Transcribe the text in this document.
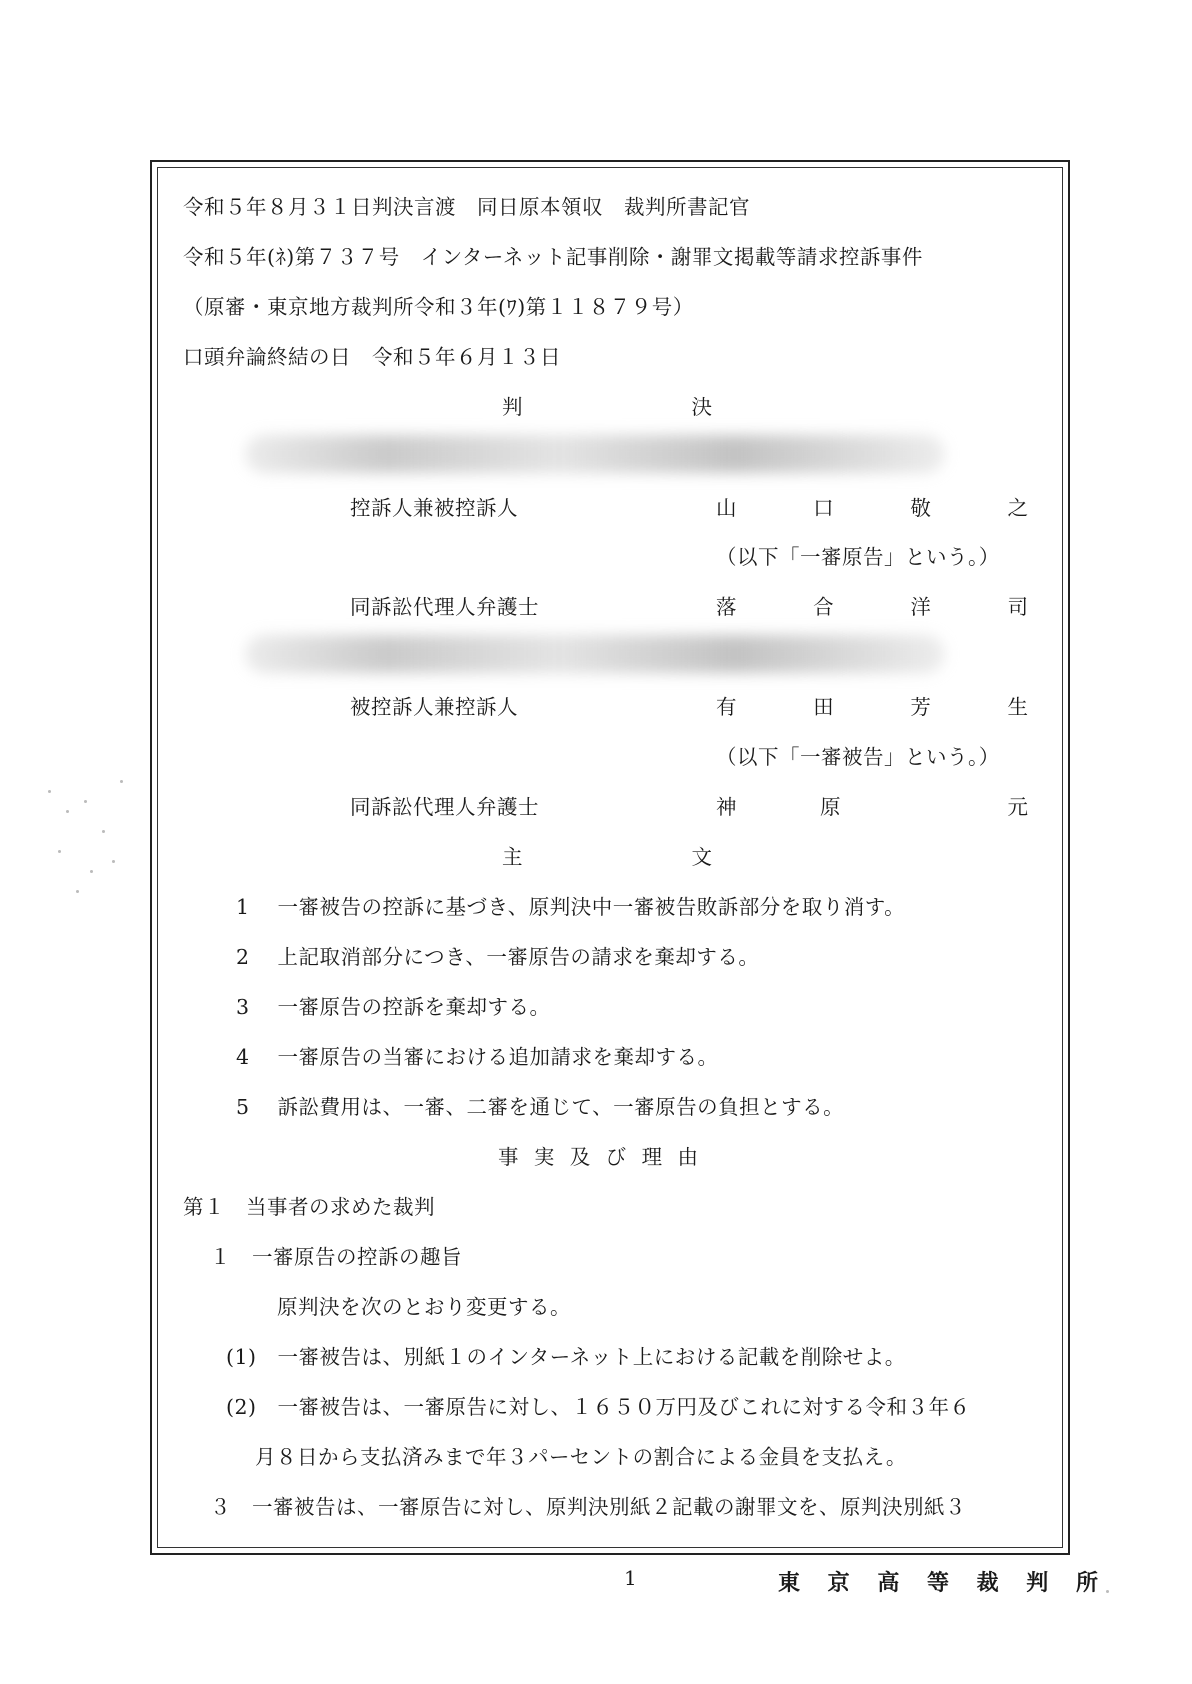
令和５年８月３１日判決言渡　同日原本領収　裁判所書記官
令和５年(ﾈ)第７３７号　インターネット記事削除・謝罪文掲載等請求控訴事件
（原審・東京地方裁判所令和３年(ﾜ)第１１８７９号）
口頭弁論終結の日　令和５年６月１３日
判	決
控訴人兼被控訴人	山	口	敬	之
（以下「一審原告」という。）
同訴訟代理人弁護士	落	合	洋	司
被控訴人兼控訴人	有	田	芳	生
（以下「一審被告」という。）
同訴訟代理人弁護士	神	原	元
主	文
1 一審被告の控訴に基づき、原判決中一審被告敗訴部分を取り消す。
2 上記取消部分につき、一審原告の請求を棄却する。
3 一審原告の控訴を棄却する。
4 一審原告の当審における追加請求を棄却する。
5 訴訟費用は、一審、二審を通じて、一審原告の負担とする。
事 実 及 び 理 由
第１　当事者の求めた裁判
１　一審原告の控訴の趣旨
原判決を次のとおり変更する。
(1)　一審被告は、別紙１のインターネット上における記載を削除せよ。
(2)　一審被告は、一審原告に対し、１６５０万円及びこれに対する令和３年６
月８日から支払済みまで年３パーセントの割合による金員を支払え。
３　一審被告は、一審原告に対し、原判決別紙２記載の謝罪文を、原判決別紙３
1	東 京 高 等 裁 判 所
